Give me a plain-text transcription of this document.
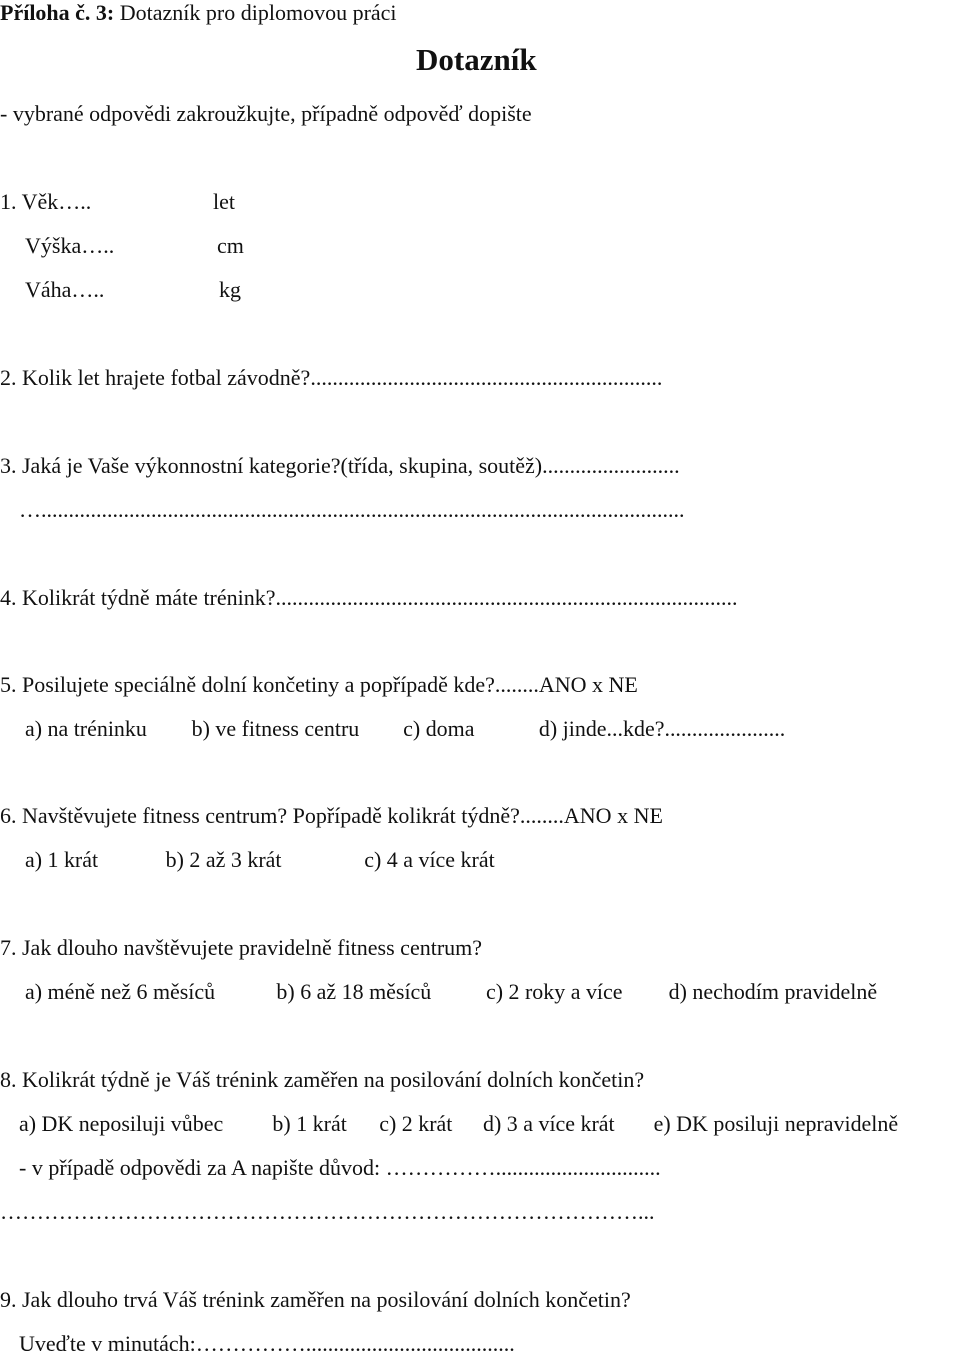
Příloha č. 3: Dotazník pro diplomovou práci
Dotazník
- vybrané odpovědi zakroužkujte, případně odpověď dopište
1. Věk…..	let
Výška…..	cm
Váha…..	kg
2. Kolik let hrajete fotbal závodně?................................................................
3. Jaká je Vaše výkonnostní kategorie?(třída, skupina, soutěž).........................
….....................................................................................................................
4. Kolikrát týdně máte trénink?....................................................................................
5. Posilujete speciálně dolní končetiny a popřípadě kde?........ANO x NE
a) na tréninku b) ve fitness centru c) doma	d) jinde...kde?......................
6. Navštěvujete fitness centrum? Popřípadě kolikrát týdně?........ANO x NE
a) 1 krát	b) 2 až 3 krát	c) 4 a více krát
7. Jak dlouho navštěvujete pravidelně fitness centrum?
a) méně než 6 měsíců	b) 6 až 18 měsíců c) 2 roky a více d) nechodím pravidelně
8. Kolikrát týdně je Váš trénink zaměřen na posilování dolních končetin?
a) DK neposiluji vůbec b) 1 krát c) 2 krát d) 3 a více krát e) DK posiluji nepravidelně
- v případě odpovědi za A napište důvod: ……………..............................
……………………………………………………………………………...
9. Jak dlouho trvá Váš trénink zaměřen na posilování dolních končetin?
Uveďte v minutách:……………......................................
